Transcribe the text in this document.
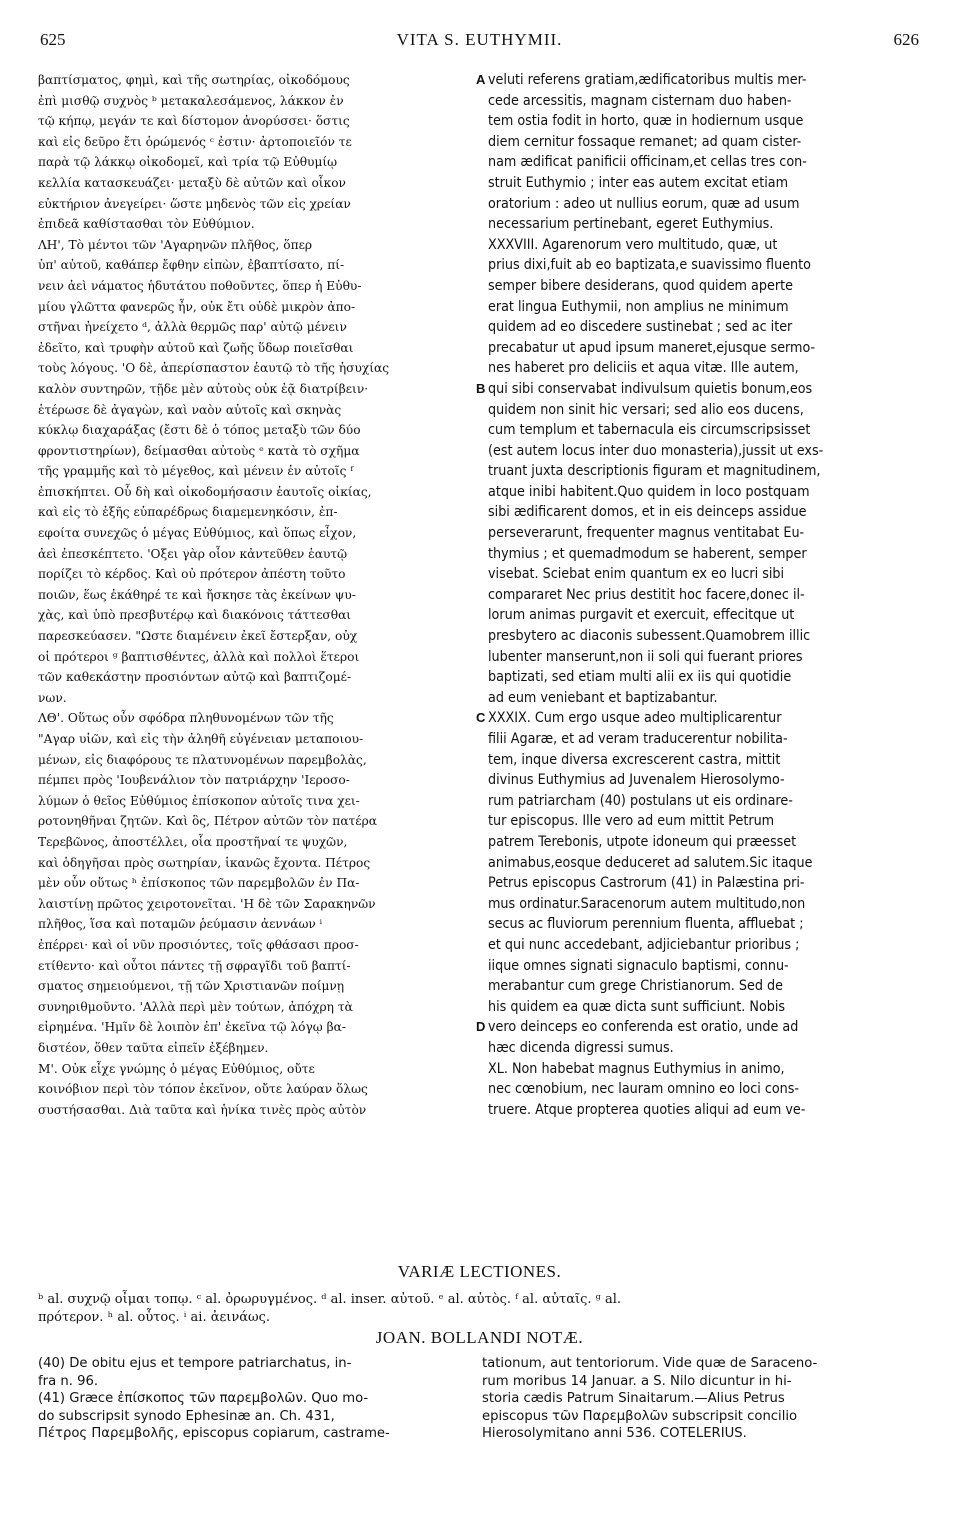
625	VITA S. EUTHYMII.	626
βαπτίσματος, φημὶ, καὶ τῆς σωτηρίας, οἰκοδόμους
ἐπὶ μισθῷ συχνὸς ᵇ μετακαλεσάμενος, λάκκον ἐν
τῷ κήπῳ, μεγάν τε καὶ δίστομον ἀνορύσσει· ὅστις
καὶ εἰς δεῦρο ἔτι ὁρώμενός ᶜ ἐστιν· ἀρτοποιεῖόν τε
παρὰ τῷ λάκκῳ οἰκοδομεῖ, καὶ τρία τῷ Εὐθυμίῳ
κελλία κατασκευάζει· μεταξὺ δὲ αὐτῶν καὶ οἶκον
εὐκτήριον ἀνεγείρει· ὥστε μηδενὸς τῶν εἰς χρείαν
ἐπιδεᾶ καθίστασθαι τὸν Εὐθύμιον.
ΛΗ', Τὸ μέντοι τῶν 'Αγαρηνῶν πλῆθος, ὅπερ
ὑπ' αὐτοῦ, καθάπερ ἔφθην εἰπὼν, ἐβαπτίσατο, πί-
νειν ἀεὶ νάματος ἡδυτάτου ποθοῦντες, ὅπερ ἡ Εὐθυ-
μίου γλῶττα φανερῶς ἦν, οὐκ ἔτι οὐδὲ μικρὸν ἀπο-
στῆναι ἠνείχετο ᵈ, ἀλλὰ θερμῶς παρ' αὐτῷ μένειν
ἐδεῖτο, καὶ τρυφὴν αὐτοῦ καὶ ζωῆς ὕδωρ ποιεῖσθαι
τοὺς λόγους. 'Ο δὲ, ἀπερίσπαστον ἑαυτῷ τὸ τῆς ἡσυχίας
καλὸν συντηρῶν, τῇδε μὲν αὐτοὺς οὐκ ἐᾷ διατρίβειν·
ἑτέρωσε δὲ ἀγαγὼν, καὶ ναὸν αὐτοῖς καὶ σκηνὰς
κύκλῳ διαχαράξας (ἔστι δὲ ὁ τόπος μεταξὺ τῶν δύο
φροντιστηρίων), δείμασθαι αὐτοὺς ᵉ κατὰ τὸ σχῆμα
τῆς γραμμῆς καὶ τὸ μέγεθος, καὶ μένειν ἐν αὐτοῖς ᶠ
ἐπισκήπτει. Οὗ δὴ καὶ οἰκοδομήσασιν ἑαυτοῖς οἰκίας,
καὶ εἰς τὸ ἑξῆς εὐπαρέδρως διαμεμενηκόσιν, ἐπ-
εφοίτα συνεχῶς ὁ μέγας Εὐθύμιος, καὶ ὅπως εἶχον,
ἀεὶ ἐπεσκέπτετο. 'Οξει γὰρ οἷον κἀντεῦθεν ἑαυτῷ
πορίζει τὸ κέρδος. Καὶ οὐ πρότερον ἀπέστη τοῦτο
ποιῶν, ἕως ἐκάθηρέ τε καὶ ἤσκησε τὰς ἐκείνων ψυ-
χὰς, καὶ ὑπὸ πρεσβυτέρῳ καὶ διακόνοις τάττεσθαι
παρεσκεύασεν. "Ωστε διαμένειν ἐκεῖ ἔστερξαν, οὐχ
οἱ πρότεροι ᵍ βαπτισθέντες, ἀλλὰ καὶ πολλοὶ ἕτεροι
τῶν καθεκάστην προσιόντων αὐτῷ καὶ βαπτιζομέ-
νων.
ΛΘ'. Οὕτως οὖν σφόδρα πληθυνομένων τῶν τῆς
"Αγαρ υἱῶν, καὶ εἰς τὴν ἀληθῆ εὐγένειαν μεταποιου-
μένων, εἰς διαφόρους τε πλατυνομένων παρεμβολὰς,
πέμπει πρὸς 'Ιουβενάλιον τὸν πατριάρχην 'Ιεροσο-
λύμων ὁ θεῖος Εὐθύμιος ἐπίσκοπον αὐτοῖς τινα χει-
ροτονηθῆναι ζητῶν. Καὶ ὃς, Πέτρον αὐτῶν τὸν πατέρα
Τερεβῶνος, ἀποστέλλει, οἷα προστῆναί τε ψυχῶν,
καὶ ὁδηγῆσαι πρὸς σωτηρίαν, ἱκανῶς ἔχοντα. Πέτρος
μὲν οὖν οὕτως ʰ ἐπίσκοπος τῶν παρεμβολῶν ἐν Πα-
λαιστίνῃ πρῶτος χειροτονεῖται. 'Η δὲ τῶν Σαρακηνῶν
πλῆθος, ἵσα καὶ ποταμῶν ῥεύμασιν ἀεννάων ⁱ
ἐπέρρει· καὶ οἱ νῦν προσιόντες, τοῖς φθάσασι προσ-
ετίθεντο· καὶ οὗτοι πάντες τῇ σφραγῖδι τοῦ βαπτί-
σματος σημειούμενοι, τῇ τῶν Χριστιανῶν ποίμνῃ
συνηριθμοῦντο. 'Αλλὰ περὶ μὲν τούτων, ἀπόχρη τὰ
εἰρημένα. 'Ημῖν δὲ λοιπὸν ἐπ' ἐκεῖνα τῷ λόγῳ βα-
διστέον, ὅθεν ταῦτα εἰπεῖν ἐξέβημεν.
Μ'. Οὐκ εἶχε γνώμης ὁ μέγας Εὐθύμιος, οὔτε
κοινόβιον περὶ τὸν τόπον ἐκεῖνον, οὔτε λαύραν ὅλως
συστήσασθαι. Διὰ ταῦτα καὶ ἡνίκα τινὲς πρὸς αὐτὸν
veluti referens gratiam,ædificatoribus multis mer-
cede arcessitis, magnam cisternam duo haben-
tem ostia fodit in horto, quæ in hodiernum usque
diem cernitur fossaque remanet; ad quam cister-
nam ædificat panificii officinam,et cellas tres con-
struit Euthymio ; inter eas autem excitat etiam
oratorium : adeo ut nullius eorum, quæ ad usum
necessarium pertinebant, egeret Euthymius.
XXXVIII. Agarenorum vero multitudo, quæ, ut
prius dixi,fuit ab eo baptizata,e suavissimo fluento
semper bibere desiderans, quod quidem aperte
erat lingua Euthymii, non amplius ne minimum
quidem ad eo discedere sustinebat ; sed ac iter
precabatur ut apud ipsum maneret,ejusque sermo-
nes haberet pro deliciis et aqua vitæ. Ille autem,
qui sibi conservabat indivulsum quietis bonum,eos
quidem non sinit hic versari; sed alio eos ducens,
cum templum et tabernacula eis circumscripsisset
(est autem locus inter duo monasteria),jussit ut exs-
truant juxta descriptionis figuram et magnitudinem,
atque inibi habitent.Quo quidem in loco postquam
sibi ædificarent domos, et in eis deinceps assidue
perseverarunt, frequenter magnus ventitabat Eu-
thymius ; et quemadmodum se haberent, semper
visebat. Sciebat enim quantum ex eo lucri sibi
compararet Nec prius destitit hoc facere,donec il-
lorum animas purgavit et exercuit, effecitque ut
presbytero ac diaconis subessent.Quamobrem illic
lubenter manserunt,non ii soli qui fuerant priores
baptizati, sed etiam multi alii ex iis qui quotidie
ad eum veniebant et baptizabantur.
XXXIX. Cum ergo usque adeo multiplicarentur
filii Agaræ, et ad veram traducerentur nobilita-
tem, inque diversa excrescerent castra, mittit
divinus Euthymius ad Juvenalem Hierosolymo-
rum patriarcham (40) postulans ut eis ordinare-
tur episcopus. Ille vero ad eum mittit Petrum
patrem Terebonis, utpote idoneum qui præesset
animabus,eosque deduceret ad salutem.Sic itaque
Petrus episcopus Castrorum (41) in Palæstina pri-
mus ordinatur.Saracenorum autem multitudo,non
secus ac fluviorum perennium fluenta, affluebat ;
et qui nunc accedebant, adjiciebantur prioribus ;
iique omnes signati signaculo baptismi, connu-
merabantur cum grege Christianorum. Sed de
his quidem ea quæ dicta sunt sufficiunt. Nobis
vero deinceps eo conferenda est oratio, unde ad
hæc dicenda digressi sumus.
XL. Non habebat magnus Euthymius in animo,
nec cœnobium, nec lauram omnino eo loci cons-
truere. Atque propterea quoties aliqui ad eum ve-
A
B
C
D
VARIÆ LECTIONES.
ᵇ al. συχνῷ οἶμαι τοπῳ. ᶜ al. ὀρωρυγμένος. ᵈ al. inser. αὐτοῦ. ᵉ al. αὐτὸς. ᶠ al. αὐταῖς. ᵍ al.
πρότερον. ʰ al. οὗτος. ⁱ ai. ἀεινάως.
JOAN. BOLLANDI NOTÆ.
(40) De obitu ejus et tempore patriarchatus, in-
fra n. 96.
(41) Græce ἐπίσκοπος τῶν παρεμβολῶν. Quo mo-
do subscripsit synodo Ephesinæ an. Ch. 431,
Πέτρος Παρεμβολῆς, episcopus copiarum, castrame-
tationum, aut tentoriorum. Vide quæ de Saraceno-
rum moribus 14 Januar. a S. Nilo dicuntur in hi-
storia cædis Patrum Sinaitarum.—Alius Petrus
episcopus τῶν Παρεμβολῶν subscripsit concilio
Hierosolymitano anni 536. COTELERIUS.
